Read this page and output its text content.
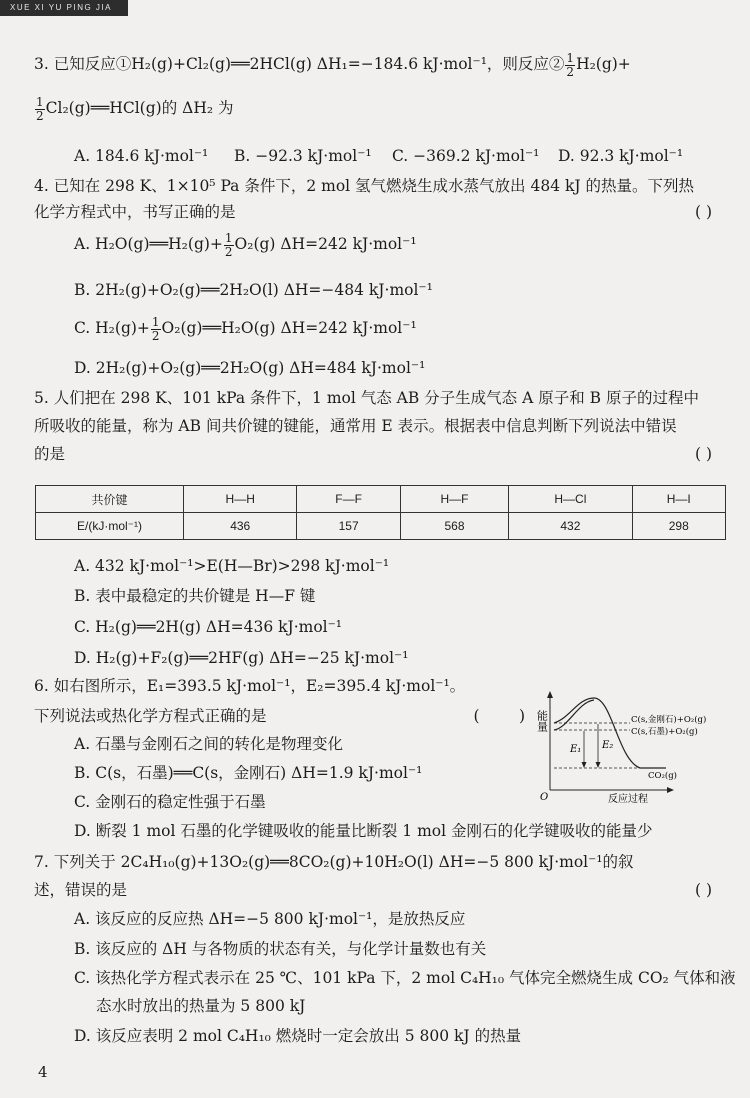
XUE XI YU PING JIA
3. 已知反应①H₂(g)+Cl₂(g)══2HCl(g) ΔH₁=−184.6 kJ·mol⁻¹，则反应② $\frac{1}{2} H_2(g)+$
$\frac{1}{2}$ Cl₂(g)══HCl(g)的 ΔH₂ 为
A. 184.6 kJ·mol⁻¹ B. −92.3 kJ·mol⁻¹ C. −369.2 kJ·mol⁻¹ D. 92.3 kJ·mol⁻¹
4. 已知在 298 K、1×10⁵ Pa 条件下，2 mol 氢气燃烧生成水蒸气放出 484 kJ 的热量。下列热
化学方程式中，书写正确的是	( )
A. H₂O(g)══H₂(g)+ $\frac{1}{2} O_2(g)$ ΔH=242 kJ·mol⁻¹
B. 2H₂(g)+O₂(g)══2H₂O(l) ΔH=−484 kJ·mol⁻¹
C. $H_2(g)+ \frac{1}{2}$ O₂(g)══H₂O(g) ΔH=242 kJ·mol⁻¹
D. 2H₂(g)+O₂(g)══2H₂O(g) ΔH=484 kJ·mol⁻¹
5. 人们把在 298 K、101 kPa 条件下，1 mol 气态 AB 分子生成气态 A 原子和 B 原子的过程中
所吸收的能量，称为 AB 间共价键的键能，通常用 E 表示。根据表中信息判断下列说法中错误
的是	( )
共价键	H—H	F—F	H—F	H—Cl	H—I
E/(kJ·mol⁻¹)	436	157	568	432	298
A. 432 kJ·mol⁻¹>E(H—Br)>298 kJ·mol⁻¹
B. 表中最稳定的共价键是 H—F 键
C. H₂(g)══2H(g) ΔH=436 kJ·mol⁻¹
D. H₂(g)+F₂(g)══2HF(g) ΔH=−25 kJ·mol⁻¹
6. 如右图所示，E₁=393.5 kJ·mol⁻¹，E₂=395.4 kJ·mol⁻¹。
下列说法或热化学方程式正确的是	(        )
A. 石墨与金刚石之间的转化是物理变化
B. C(s，石墨)══C(s，金刚石) ΔH=1.9 kJ·mol⁻¹
C. 金刚石的稳定性强于石墨
D. 断裂 1 mol 石墨的化学键吸收的能量比断裂 1 mol 金刚石的化学键吸收的能量少
能量
O	反应过程
E₁ E₂
C(s,金刚石)+O₂(g)
C(s,石墨)+O₂(g)
CO₂(g)
7. 下列关于 2C₄H₁₀(g)+13O₂(g)══8CO₂(g)+10H₂O(l) ΔH=−5 800 kJ·mol⁻¹的叙
述，错误的是	( )
A. 该反应的反应热 ΔH=−5 800 kJ·mol⁻¹，是放热反应
B. 该反应的 ΔH 与各物质的状态有关，与化学计量数也有关
C. 该热化学方程式表示在 25 ℃、101 kPa 下，2 mol C₄H₁₀ 气体完全燃烧生成 CO₂ 气体和液
态水时放出的热量为 5 800 kJ
D. 该反应表明 2 mol C₄H₁₀ 燃烧时一定会放出 5 800 kJ 的热量
4
